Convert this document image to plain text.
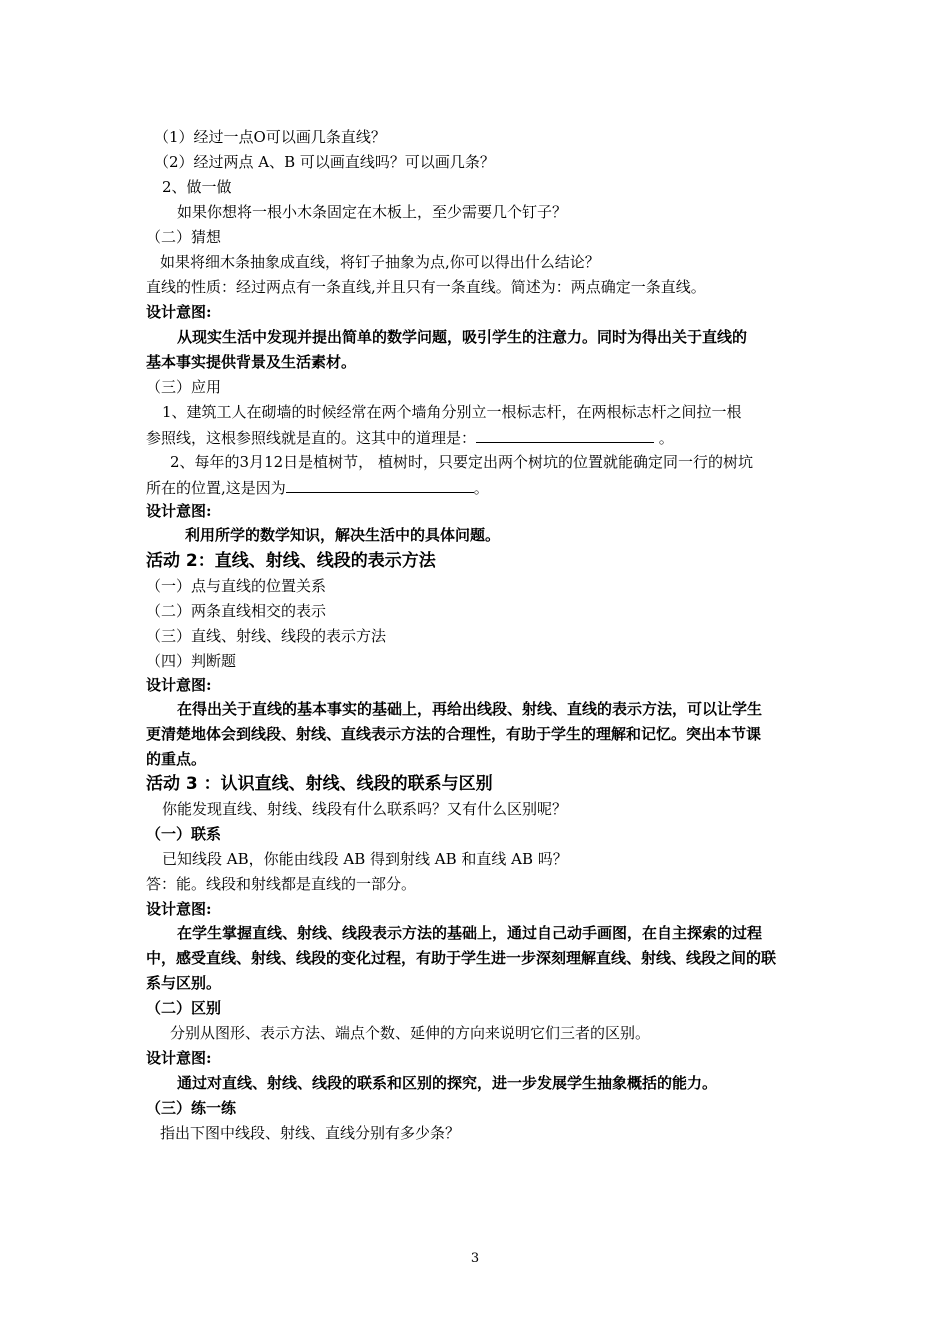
（1）经过一点O可以画几条直线？
（2）经过两点 A、B 可以画直线吗？可以画几条？
2、做一做
如果你想将一根小木条固定在木板上，至少需要几个钉子？
（二）猜想
如果将细木条抽象成直线，将钉子抽象为点,你可以得出什么结论？
直线的性质：经过两点有一条直线,并且只有一条直线。简述为：两点确定一条直线。
设计意图:
从现实生活中发现并提出简单的数学问题，吸引学生的注意力。同时为得出关于直线的
基本事实提供背景及生活素材。
（三）应用
1、建筑工人在砌墙的时候经常在两个墙角分别立一根标志杆，在两根标志杆之间拉一根
参照线，这根参照线就是直的。这其中的道理是：	。
2、每年的3月12日是植树节， 植树时，只要定出两个树坑的位置就能确定同一行的树坑
所在的位置,这是因为	。
设计意图:
利用所学的数学知识，解决生活中的具体问题。
活动 2：直线、射线、线段的表示方法
（一）点与直线的位置关系
（二）两条直线相交的表示
（三）直线、射线、线段的表示方法
（四）判断题
设计意图:
在得出关于直线的基本事实的基础上，再给出线段、射线、直线的表示方法，可以让学生
更清楚地体会到线段、射线、直线表示方法的合理性，有助于学生的理解和记忆。突出本节课
的重点。
活动 3 ：认识直线、射线、线段的联系与区别
你能发现直线、射线、线段有什么联系吗？又有什么区别呢？
（一）联系
已知线段 AB，你能由线段 AB 得到射线 AB 和直线 AB 吗？
答：能。线段和射线都是直线的一部分。
设计意图:
在学生掌握直线、射线、线段表示方法的基础上，通过自己动手画图，在自主探索的过程
中，感受直线、射线、线段的变化过程，有助于学生进一步深刻理解直线、射线、线段之间的联
系与区别。
（二）区别
分别从图形、表示方法、端点个数、延伸的方向来说明它们三者的区别。
设计意图:
通过对直线、射线、线段的联系和区别的探究，进一步发展学生抽象概括的能力。
（三）练一练
指出下图中线段、射线、直线分别有多少条？
3
